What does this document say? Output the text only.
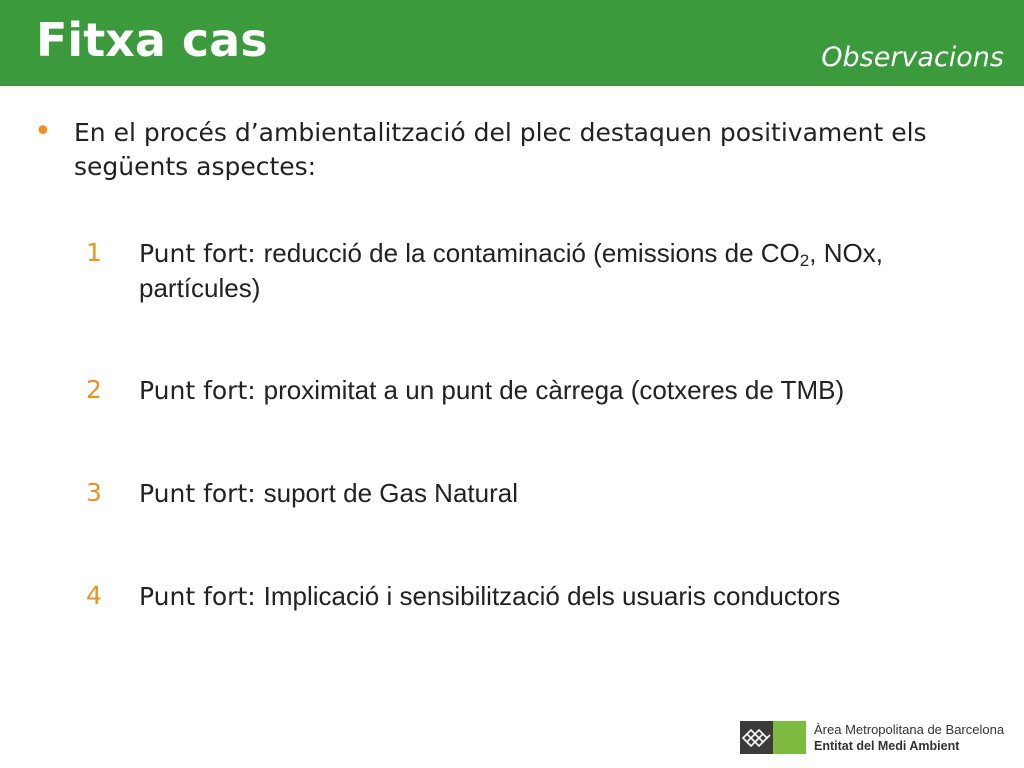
Fitxa cas	Observacions
• En el procés d’ambientalització del plec destaquen positivament els següents aspectes:
1 Punt fort: reducció de la contaminació (emissions de $CO_2$, NOx, partícules)
2 Punt fort: proximitat a un punt de càrrega (cotxeres de TMB)
3 Punt fort: suport de Gas Natural
4 Punt fort: Implicació i sensibilització dels usuaris conductors
Àrea Metropolitana de Barcelona
Entitat del Medi Ambient
